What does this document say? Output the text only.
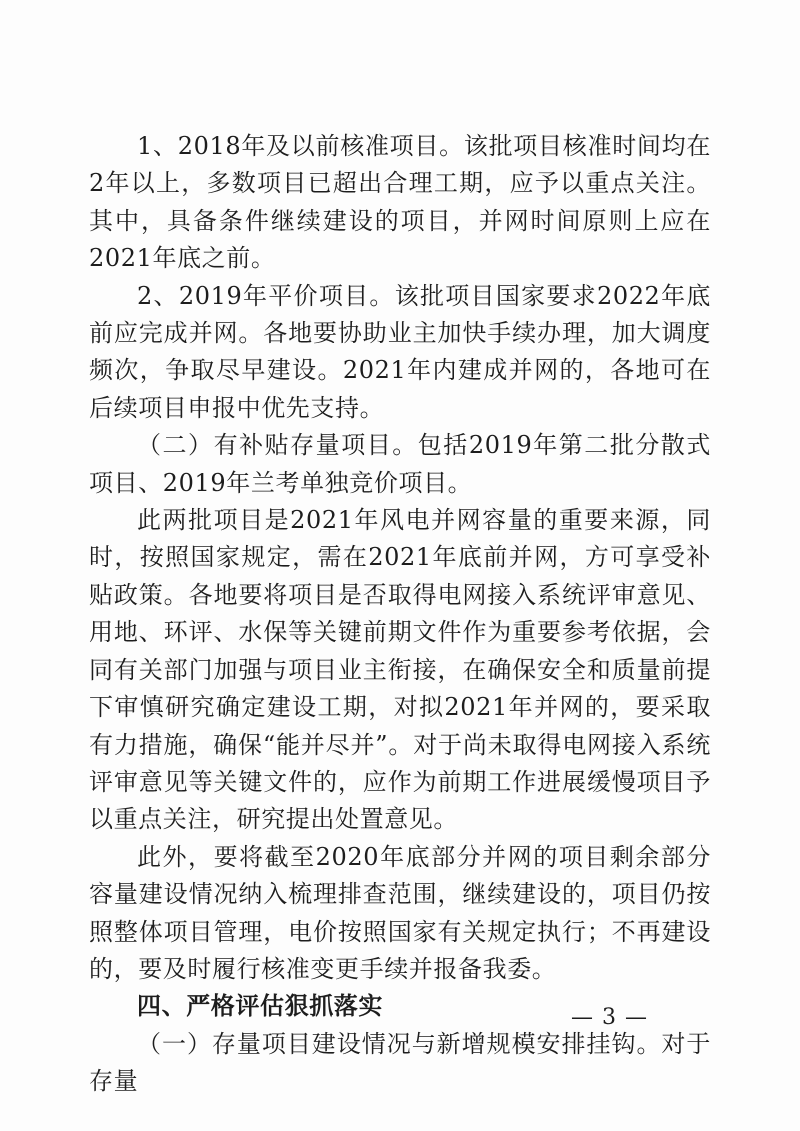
1、2018年及以前核准项目。该批项目核准时间均在2年以上，多数项目已超出合理工期，应予以重点关注。其中，具备条件继续建设的项目，并网时间原则上应在2021年底之前。

2、2019年平价项目。该批项目国家要求2022年底前应完成并网。各地要协助业主加快手续办理，加大调度频次，争取尽早建设。2021年内建成并网的，各地可在后续项目申报中优先支持。

（二）有补贴存量项目。包括2019年第二批分散式项目、2019年兰考单独竞价项目。

此两批项目是2021年风电并网容量的重要来源，同时，按照国家规定，需在2021年底前并网，方可享受补贴政策。各地要将项目是否取得电网接入系统评审意见、用地、环评、水保等关键前期文件作为重要参考依据，会同有关部门加强与项目业主衔接，在确保安全和质量前提下审慎研究确定建设工期，对拟2021年并网的，要采取有力措施，确保“能并尽并”。对于尚未取得电网接入系统评审意见等关键文件的，应作为前期工作进展缓慢项目予以重点关注，研究提出处置意见。

此外，要将截至2020年底部分并网的项目剩余部分容量建设情况纳入梳理排查范围，继续建设的，项目仍按照整体项目管理，电价按照国家有关规定执行；不再建设的，要及时履行核准变更手续并报备我委。

四、严格评估狠抓落实

（一）存量项目建设情况与新增规模安排挂钩。对于存量

— 3 —
